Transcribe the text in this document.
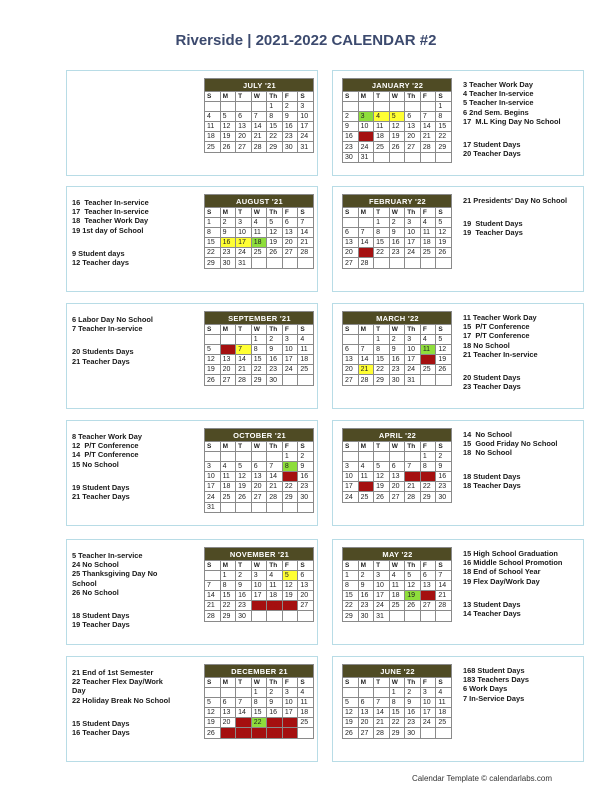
Riverside | 2021-2022 CALENDAR #2
JULY '21						
S	M	T	W	Th	F	S
				1	2	3
4	5	6	7	8	9	10
11	12	13	14	15	16	17
18	19	20	21	22	23	24
25	26	27	28	29	30	31
JANUARY '22						
S	M	T	W	Th	F	S
						1
2	3	4	5	6	7	8
9	10	11	12	13	14	15
16	17	18	19	20	21	22
23	24	25	26	27	28	29
30	31					
3 Teacher Work Day
4 Teacher In-service
5 Teacher In-service
6 2nd Sem. Begins
17  M.L King Day No School
17 Student Days
20 Teacher Days
16  Teacher In-service
17  Teacher In-service
18  Teacher Work Day
19 1st day of School
9 Student days
12 Teacher days
AUGUST '21						
S	M	T	W	Th	F	S
1	2	3	4	5	6	7
8	9	10	11	12	13	14
15	16	17	18	19	20	21
22	23	24	25	26	27	28
29	30	31				
FEBRUARY '22						
S	M	T	W	Th	F	S
		1	2	3	4	5
6	7	8	9	10	11	12
13	14	15	16	17	18	19
20	21	22	23	24	25	26
27	28					
21 Presidents' Day No School
19  Student Days
19  Teacher Days
6 Labor Day No School
7 Teacher In-service
20 Students Days
21 Teacher Days
SEPTEMBER '21						
S	M	T	W	Th	F	S
			1	2	3	4
5	6	7	8	9	10	11
12	13	14	15	16	17	18
19	20	21	22	23	24	25
26	27	28	29	30		
MARCH '22						
S	M	T	W	Th	F	S
		1	2	3	4	5
6	7	8	9	10	11	12
13	14	15	16	17	18	19
20	21	22	23	24	25	26
27	28	29	30	31		
11 Teacher Work Day
15  P/T Conference
17  P/T Conference
18 No School
21 Teacher In-service
20 Student Days
23 Teacher Days
8 Teacher Work Day
12  P/T Conference
14  P/T Conference
15 No School
19 Student Days
21 Teacher Days
OCTOBER '21						
S	M	T	W	Th	F	S
					1	2
3	4	5	6	7	8	9
10	11	12	13	14	15	16
17	18	19	20	21	22	23
24	25	26	27	28	29	30
31						
APRIL '22						
S	M	T	W	Th	F	S
					1	2
3	4	5	6	7	8	9
10	11	12	13	14	15	16
17	18	19	20	21	22	23
24	25	26	27	28	29	30
14  No School
15  Good Friday No School
18  No School
18 Student Days
18 Teacher Days
5 Teacher In-service
24 No School
25 Thanksgiving Day No
School
26 No School
18 Student Days
19 Teacher Days
NOVEMBER '21						
S	M	T	W	Th	F	S
	1	2	3	4	5	6
7	8	9	10	11	12	13
14	15	16	17	18	19	20
21	22	23	24	25	26	27
28	29	30				
MAY '22						
S	M	T	W	Th	F	S
1	2	3	4	5	6	7
8	9	10	11	12	13	14
15	16	17	18	19	20	21
22	23	24	25	26	27	28
29	30	31				
15 High School Graduation
16 Middle School Promotion
18 End of School Year
19 Flex Day/Work Day
13 Student Days
14 Teacher Days
21 End of 1st Semester
22 Teacher Flex Day/Work
Day
22 Holiday Break No School
15 Student Days
16 Teacher Days
DECEMBER 21						
S	M	T	W	Th	F	S
			1	2	3	4
5	6	7	8	9	10	11
12	13	14	15	16	17	18
19	20	21	22	23	24	25
26	27	28	29	30	31	
JUNE '22						
S	M	T	W	Th	F	S
			1	2	3	4
5	6	7	8	9	10	11
12	13	14	15	16	17	18
19	20	21	22	23	24	25
26	27	28	29	30		
168 Student Days
183 Teachers Days
6 Work Days
7 In-Service Days
Calendar Template © calendarlabs.com
